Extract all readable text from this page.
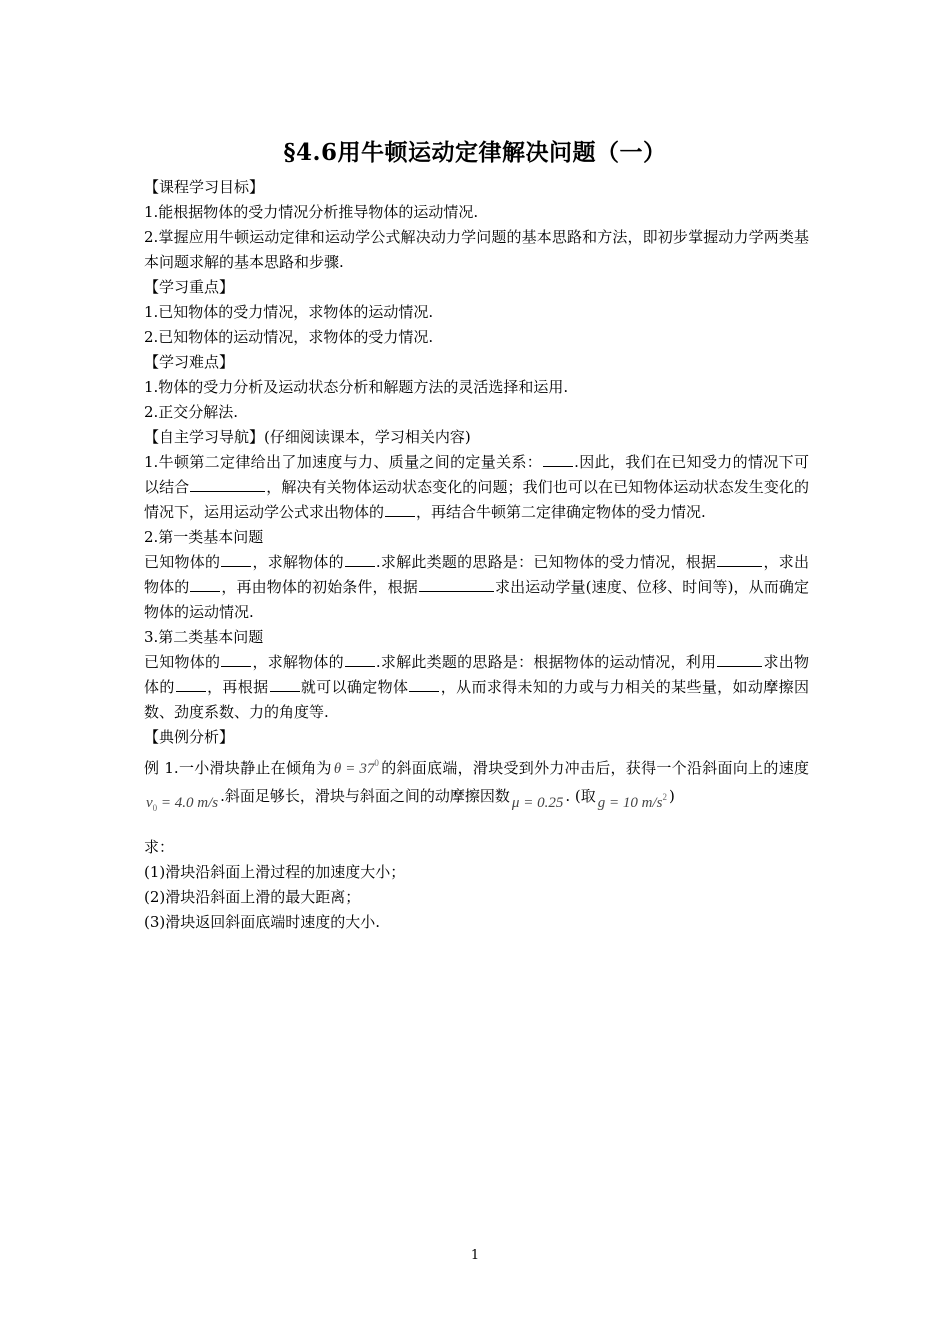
§4.6用牛顿运动定律解决问题（一）
【课程学习目标】
1.能根据物体的受力情况分析推导物体的运动情况.
2.掌握应用牛顿运动定律和运动学公式解决动力学问题的基本思路和方法，即初步掌握动力学两类基本问题求解的基本思路和步骤.
【学习重点】
1.已知物体的受力情况，求物体的运动情况.
2.已知物体的运动情况，求物体的受力情况.
【学习难点】
1.物体的受力分析及运动状态分析和解题方法的灵活选择和运用.
2.正交分解法.
【自主学习导航】(仔细阅读课本，学习相关内容)
1.牛顿第二定律给出了加速度与力、质量之间的定量关系： .因此，我们在已知受力的情况下可以结合	，解决有关物体运动状态变化的问题；我们也可以在已知物体运动状态发生变化的情况下，运用运动学公式求出物体的 ，再结合牛顿第二定律确定物体的受力情况.
2.第一类基本问题
已知物体的 ，求解物体的 .求解此类题的思路是：已知物体的受力情况，根据	，求出物体的 ，再由物体的初始条件，根据	求出运动学量(速度、位移、时间等)，从而确定物体的运动情况.
3.第二类基本问题
已知物体的 ，求解物体的 .求解此类题的思路是：根据物体的运动情况，利用	求出物体的 ，再根据 就可以确定物体 ，从而求得未知的力或与力相关的某些量，如动摩擦因数、劲度系数、力的角度等.
【典例分析】
例 1.一小滑块静止在倾角为 $\theta = 37^0$ 的斜面底端，滑块受到外力冲击后，获得一个沿斜面向上的速度$v_0 = 4.0$ m/s .斜面足够长，滑块与斜面之间的动摩擦因数 μ = 0.25 . (取 g = 10 $m/s^2$ )
求：
(1)滑块沿斜面上滑过程的加速度大小；
(2)滑块沿斜面上滑的最大距离；
(3)滑块返回斜面底端时速度的大小.
1
